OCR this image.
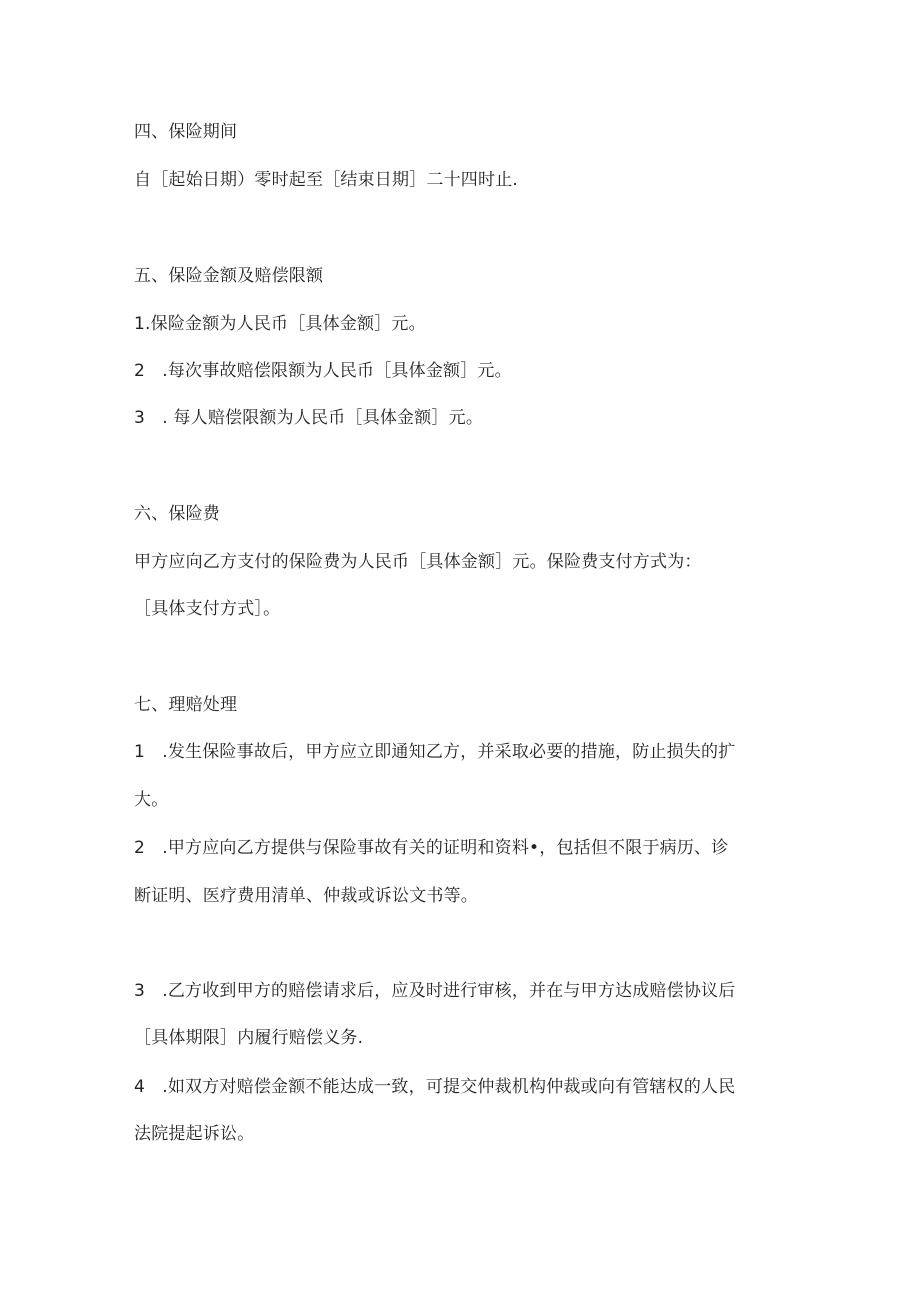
四、保险期间
自［起始日期）零时起至［结束日期］二十四时止.
五、保险金额及赔偿限额
1.保险金额为人民币［具体金额］元。
2　.每次事故赔偿限额为人民币［具体金额］元。
3　. 每人赔偿限额为人民币［具体金额］元。
六、保险费
甲方应向乙方支付的保险费为人民币［具体金额］元。保险费支付方式为：
［具体支付方式］。
七、理赔处理
1　.发生保险事故后，甲方应立即通知乙方，并采取必要的措施，防止损失的扩
大。
2　.甲方应向乙方提供与保险事故有关的证明和资料•，包括但不限于病历、诊
断证明、医疗费用清单、仲裁或诉讼文书等。
3　.乙方收到甲方的赔偿请求后，应及时进行审核，并在与甲方达成赔偿协议后
［具体期限］内履行赔偿义务.
4　.如双方对赔偿金额不能达成一致，可提交仲裁机构仲裁或向有管辖权的人民
法院提起诉讼。
